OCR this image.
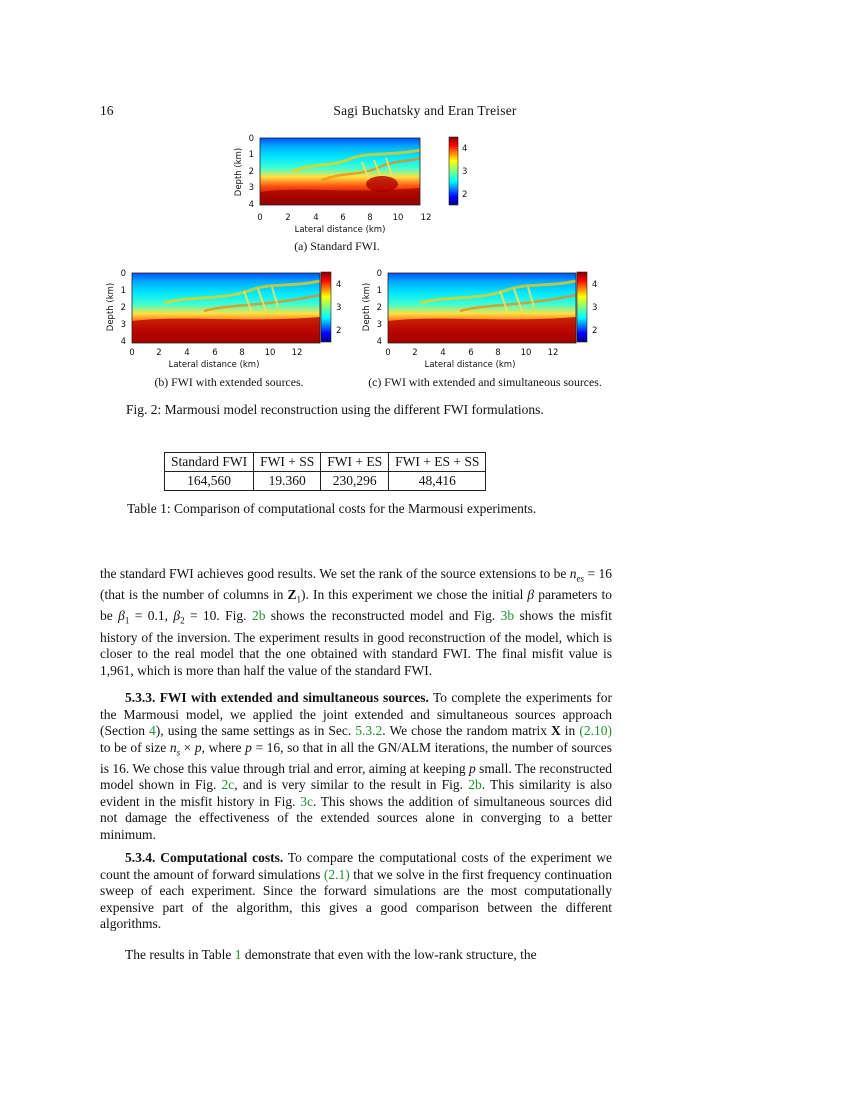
16	Sagi Buchatsky and Eran Treiser
0
1
2
3
4
0	2	4	6	8 10 12
Lateral distance (km)
4
3
2
Depth (km)
(a) Standard FWI.
0
1
2
3
4
0	2	4	6	8 10 12
Lateral distance (km)
4
3
2
Depth (km)
(b) FWI with extended sources.
0
1
2
3
4
0	2	4	6	8 10 12
Lateral distance (km)
4
3
2
Depth (km)
(c) FWI with extended and simultaneous sources.
Fig. 2: Marmousi model reconstruction using the different FWI formulations.
Standard FWI	FWI + SS	FWI + ES	FWI + ES + SS
164,560	19.360	230,296	48,416
Table 1: Comparison of computational costs for the Marmousi experiments.

the standard FWI achieves good results. We set the rank of the source extensions to be $n_{es} = 16$ (that is the number of columns in $Z_1$). In this experiment we chose the initial β parameters to be $\beta_1 = 0.1$, $\beta_2 = 10$. Fig. 2b shows the reconstructed model and Fig. 3b shows the misfit history of the inversion. The experiment results in good reconstruction of the model, which is closer to the real model that the one obtained with standard FWI. The final misfit value is 1,961, which is more than half the value of the standard FWI.

5.3.3. FWI with extended and simultaneous sources. To complete the experiments for the Marmousi model, we applied the joint extended and simultaneous sources approach (Section 4), using the same settings as in Sec. 5.3.2. We chose the random matrix X in (2.10) to be of size $n_s \times p$, where p = 16, so that in all the GN/ALM iterations, the number of sources is 16. We chose this value through trial and error, aiming at keeping p small. The reconstructed model shown in Fig. 2c, and is very similar to the result in Fig. 2b. This similarity is also evident in the misfit history in Fig. 3c. This shows the addition of simultaneous sources did not damage the effectiveness of the extended sources alone in converging to a better minimum.

5.3.4. Computational costs. To compare the computational costs of the experiment we count the amount of forward simulations (2.1) that we solve in the first frequency continuation sweep of each experiment. Since the forward simulations are the most computationally expensive part of the algorithm, this gives a good comparison between the different algorithms.

The results in Table 1 demonstrate that even with the low-rank structure, the
